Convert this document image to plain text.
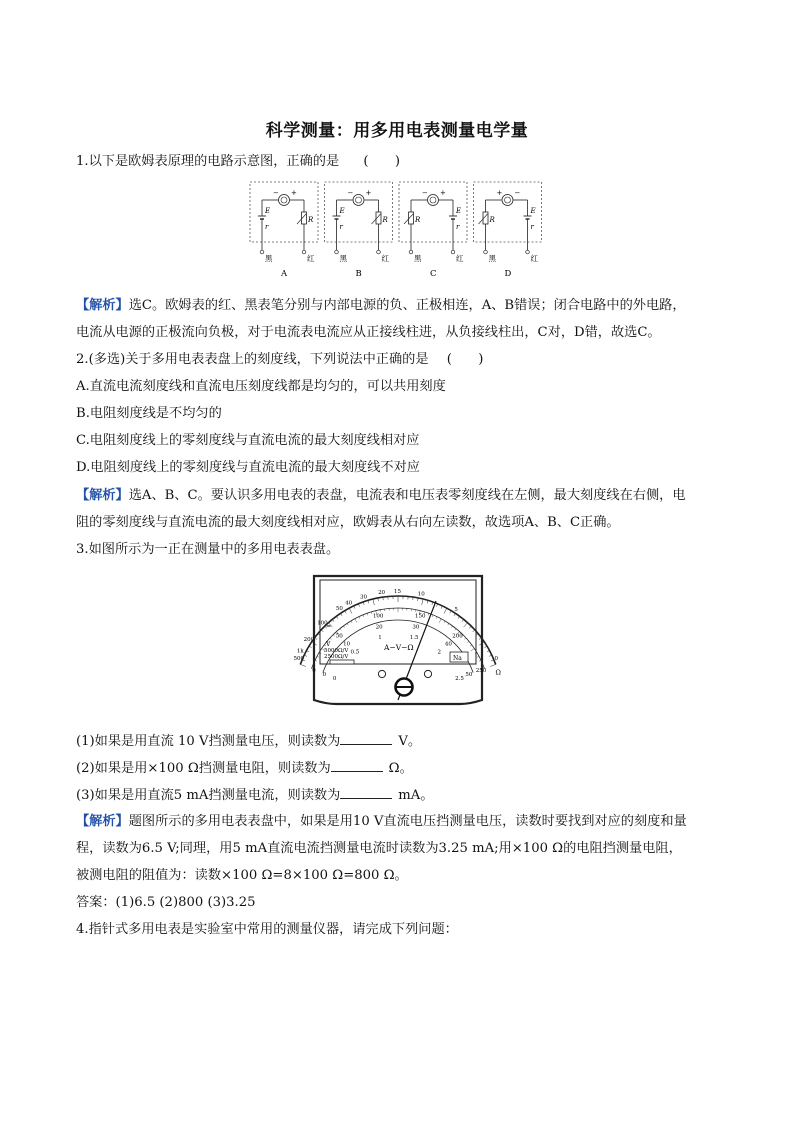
科学测量：用多用电表测量电学量
1.以下是欧姆表原理的电路示意图，正确的是 (　　)
− +
E
r
R
黑	红
A
− +
E
r
R
黑	红
B
− +
R
E
r
黑	红
C
+ −
R
E
r
黑	红
D
【解析】选C。欧姆表的红、黑表笔分别与内部电源的负、正极相连，A、B错误；闭合电路中的外电路，
电流从电源的正极流向负极，对于电流表电流应从正接线柱进，从负接线柱出，C对，D错，故选C。
2.(多选)关于多用电表表盘上的刻度线，下列说法中正确的是 (　　)
A.直流电流刻度线和直流电压刻度线都是均匀的，可以共用刻度
B.电阻刻度线是不均匀的
C.电阻刻度线上的零刻度线与直流电流的最大刻度线相对应
D.电阻刻度线上的零刻度线与直流电流的最大刻度线不对应
【解析】选A、B、C。要认识多用电表的表盘，电流表和电压表零刻度线在左侧，最大刻度线在右侧，电
阻的零刻度线与直流电流的最大刻度线相对应，欧姆表从右向左读数，故选项A、B、C正确。
3.如图所示为一正在测量中的多用电表表盘。
500
1k
200
100
50
40
30
20 15	10
5
0
0
50
100	150
200
250
0
10
20	30
40
50
0
0.5
1	1.5
2
2.5
Ω
=
V
5000Ω/V
2500Ω/V
A−V−Ω
Na
(1)如果是用直流 10 V挡测量电压，则读数为	V。
(2)如果是用×100 Ω挡测量电阻，则读数为	Ω。
(3)如果是用直流5 mA挡测量电流，则读数为	mA。
【解析】题图所示的多用电表表盘中，如果是用10 V直流电压挡测量电压，读数时要找到对应的刻度和量
程，读数为6.5 V;同理，用5 mA直流电流挡测量电流时读数为3.25 mA;用×100 Ω的电阻挡测量电阻，
被测电阻的阻值为：读数×100 Ω=8×100 Ω=800 Ω。
答案：(1)6.5 (2)800 (3)3.25
4.指针式多用电表是实验室中常用的测量仪器，请完成下列问题：
